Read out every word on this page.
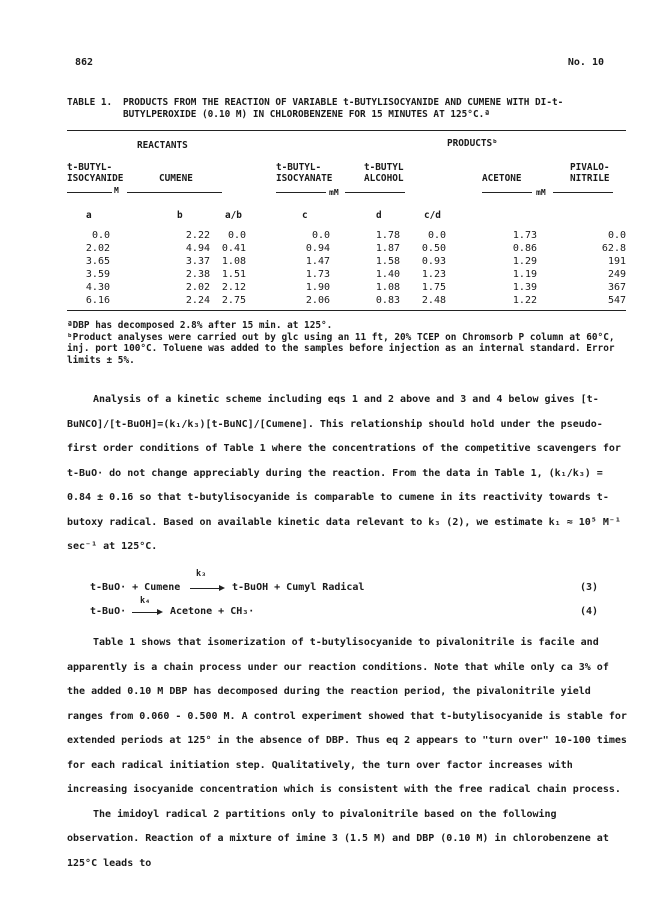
862	No. 10
TABLE 1. PRODUCTS FROM THE REACTION OF VARIABLE t-BUTYLISOCYANIDE AND CUMENE WITH DI-t-
BUTYLPEROXIDE (0.10 M) IN CHLOROBENZENE FOR 15 MINUTES AT 125°C.ª
REACTANTS	PRODUCTSᵇ
t-BUTYL-
ISOCYANIDE	CUMENE
t-BUTYL-
ISOCYANATE
t-BUTYL
ALCOHOL	ACETONE
PIVALO-
NITRILE
M	mM	mM
a	b	a/b	c	d	c/d
0.0	2.22	0.0	0.0	1.78	0.0	1.73	0.0
2.02	4.94	0.41	0.94	1.87	0.50	0.86	62.8
3.65	3.37	1.08	1.47	1.58	0.93	1.29	191
3.59	2.38	1.51	1.73	1.40	1.23	1.19	249
4.30	2.02	2.12	1.90	1.08	1.75	1.39	367
6.16	2.24	2.75	2.06	0.83	2.48	1.22	547

ªDBP has decomposed 2.8% after 15 min. at 125°.

ᵇProduct analyses were carried out by glc using an 11 ft, 20% TCEP on Chromsorb P column at 60°C, inj. port 100°C. Toluene was added to the samples before injection as an internal standard. Error limits ± 5%.

Analysis of a kinetic scheme including eqs 1 and 2 above and 3 and 4 below gives [t-BuNCO]/[t-BuOH]=(k₁/k₃)[t-BuNC]/[Cumene]. This relationship should hold under the pseudo-first order conditions of Table 1 where the concentrations of the competitive scavengers for t-BuO· do not change appreciably during the reaction. From the data in Table 1, (k₁/k₃) = 0.84 ± 0.16 so that t-butylisocyanide is comparable to cumene in its reactivity towards t-butoxy radical. Based on available kinetic data relevant to k₃ (2), we estimate k₁ ≈ 10⁵ M⁻¹ sec⁻¹ at 125°C.

t-BuO· + Cumene
k₃
t-BuOH + Cumyl Radical	(3)
t-BuO·
k₄
Acetone + CH₃·	(4)

Table 1 shows that isomerization of t-butylisocyanide to pivalonitrile is facile and apparently is a chain process under our reaction conditions. Note that while only ca 3% of the added 0.10 M DBP has decomposed during the reaction period, the pivalonitrile yield ranges from 0.060 - 0.500 M. A control experiment showed that t-butylisocyanide is stable for extended periods at 125° in the absence of DBP. Thus eq 2 appears to "turn over" 10-100 times for each radical initiation step. Qualitatively, the turn over factor increases with increasing isocyanide concentration which is consistent with the free radical chain process.

The imidoyl radical 2 partitions only to pivalonitrile based on the following observation. Reaction of a mixture of imine 3 (1.5 M) and DBP (0.10 M) in chlorobenzene at 125°C leads to
